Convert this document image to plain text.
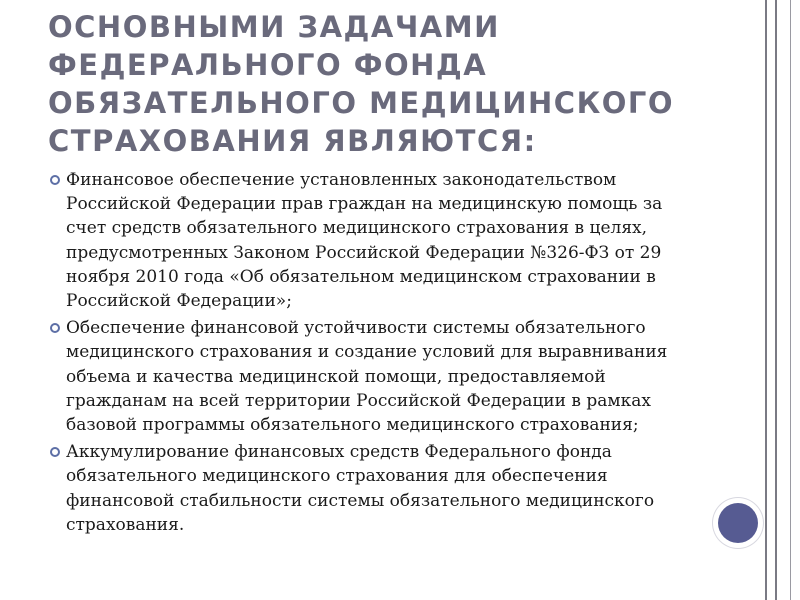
ОСНОВНЫМИ ЗАДАЧАМИ
ФЕДЕРАЛЬНОГО ФОНДА
ОБЯЗАТЕЛЬНОГО МЕДИЦИНСКОГО
СТРАХОВАНИЯ ЯВЛЯЮТСЯ:
Финансовое обеспечение установленных законодательством
Российской Федерации прав граждан на медицинскую помощь за
счет средств обязательного медицинского страхования в целях,
предусмотренных Законом Российской Федерации №326-ФЗ от 29
ноября 2010 года «Об обязательном медицинском страховании в
Российской Федерации»;
Обеспечение финансовой устойчивости системы обязательного
медицинского страхования и создание условий для выравнивания
объема и качества медицинской помощи, предоставляемой
гражданам на всей территории Российской Федерации в рамках
базовой программы обязательного медицинского страхования;
Аккумулирование финансовых средств Федерального фонда
обязательного медицинского страхования для обеспечения
финансовой стабильности системы обязательного медицинского
страхования.
